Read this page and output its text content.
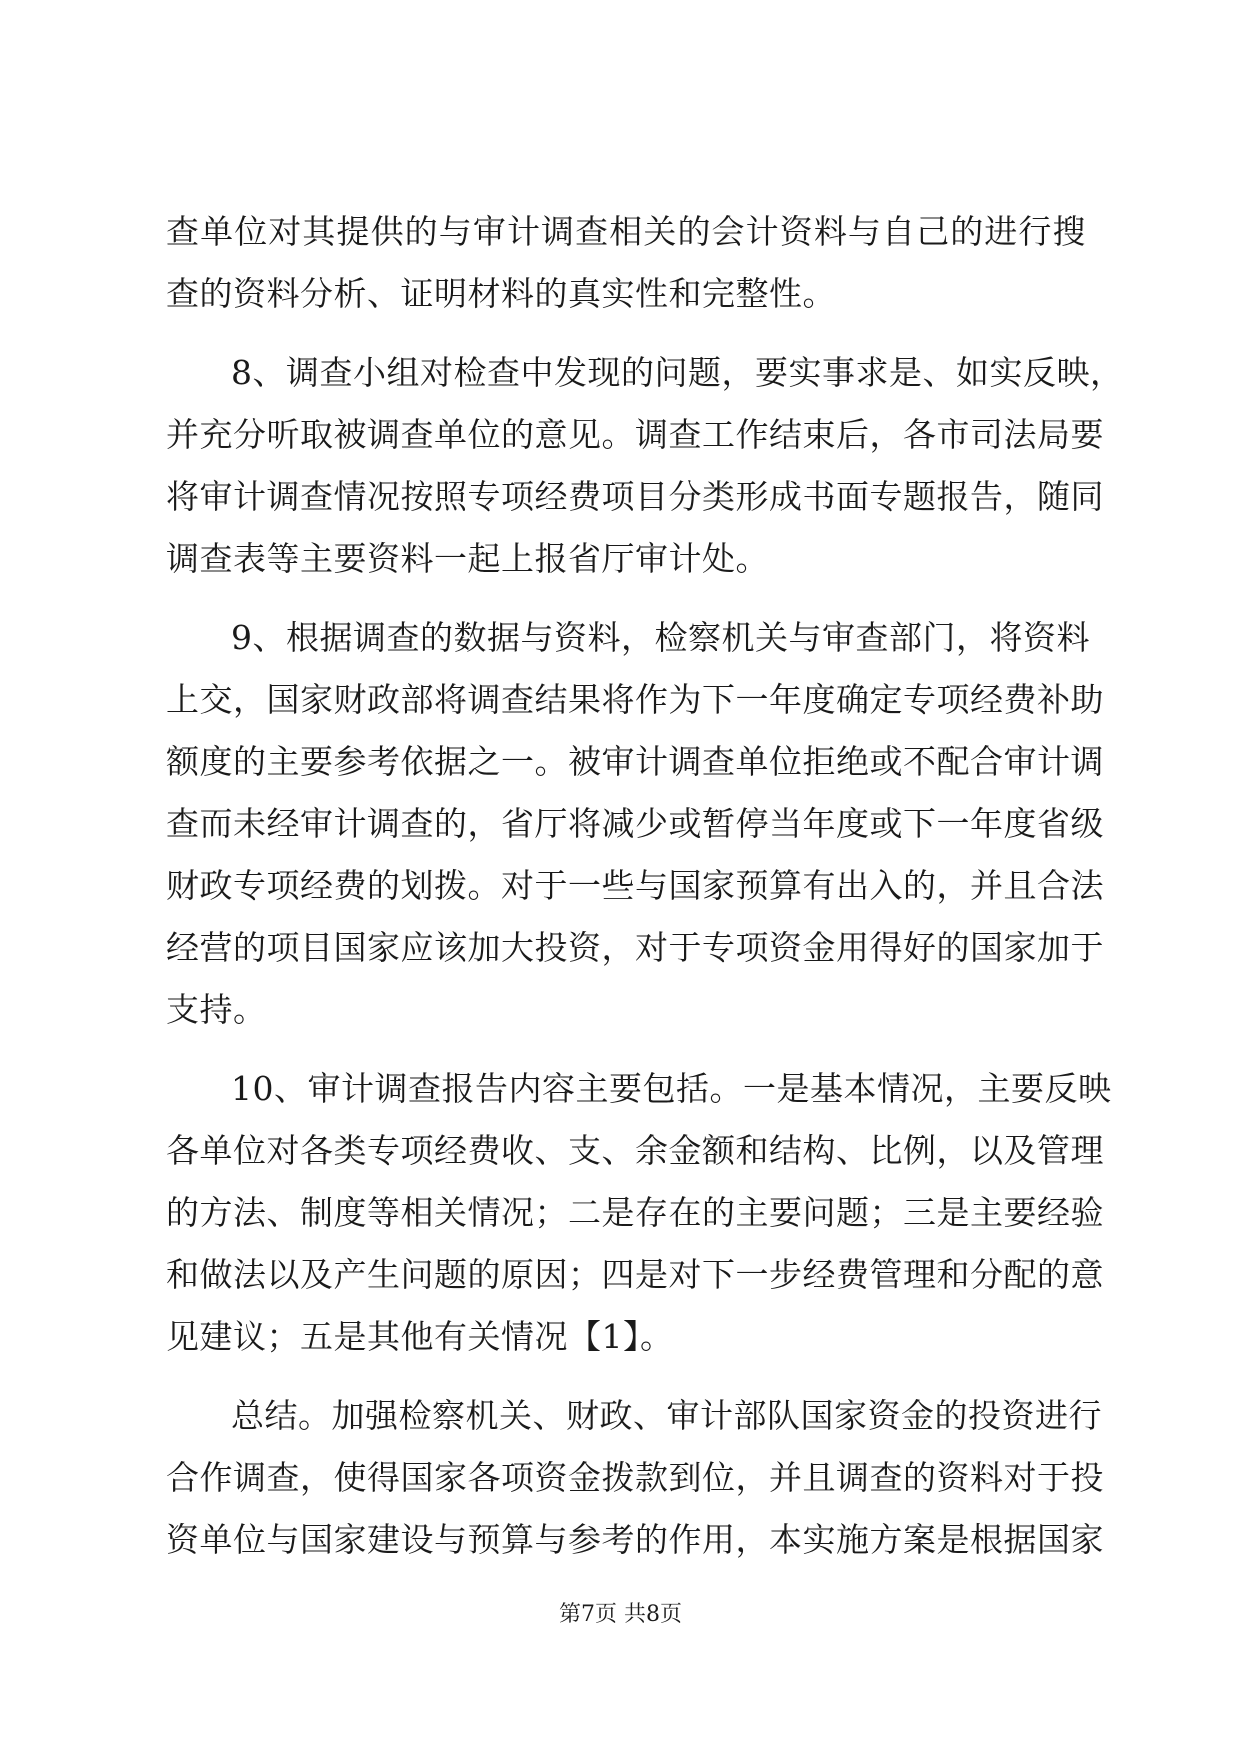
查单位对其提供的与审计调查相关的会计资料与自己的进行搜
查的资料分析、证明材料的真实性和完整性。
8、调查小组对检查中发现的问题，要实事求是、如实反映，
并充分听取被调查单位的意见。调查工作结束后，各市司法局要
将审计调查情况按照专项经费项目分类形成书面专题报告，随同
调查表等主要资料一起上报省厅审计处。
9、根据调查的数据与资料，检察机关与审查部门，将资料
上交，国家财政部将调查结果将作为下一年度确定专项经费补助
额度的主要参考依据之一。被审计调查单位拒绝或不配合审计调
查而未经审计调查的，省厅将减少或暂停当年度或下一年度省级
财政专项经费的划拨。对于一些与国家预算有出入的，并且合法
经营的项目国家应该加大投资，对于专项资金用得好的国家加于
支持。
10、审计调查报告内容主要包括。一是基本情况，主要反映
各单位对各类专项经费收、支、余金额和结构、比例，以及管理
的方法、制度等相关情况；二是存在的主要问题；三是主要经验
和做法以及产生问题的原因；四是对下一步经费管理和分配的意
见建议；五是其他有关情况【1】。
总结。加强检察机关、财政、审计部队国家资金的投资进行
合作调查，使得国家各项资金拨款到位，并且调查的资料对于投
资单位与国家建设与预算与参考的作用，本实施方案是根据国家
第7页 共8页
